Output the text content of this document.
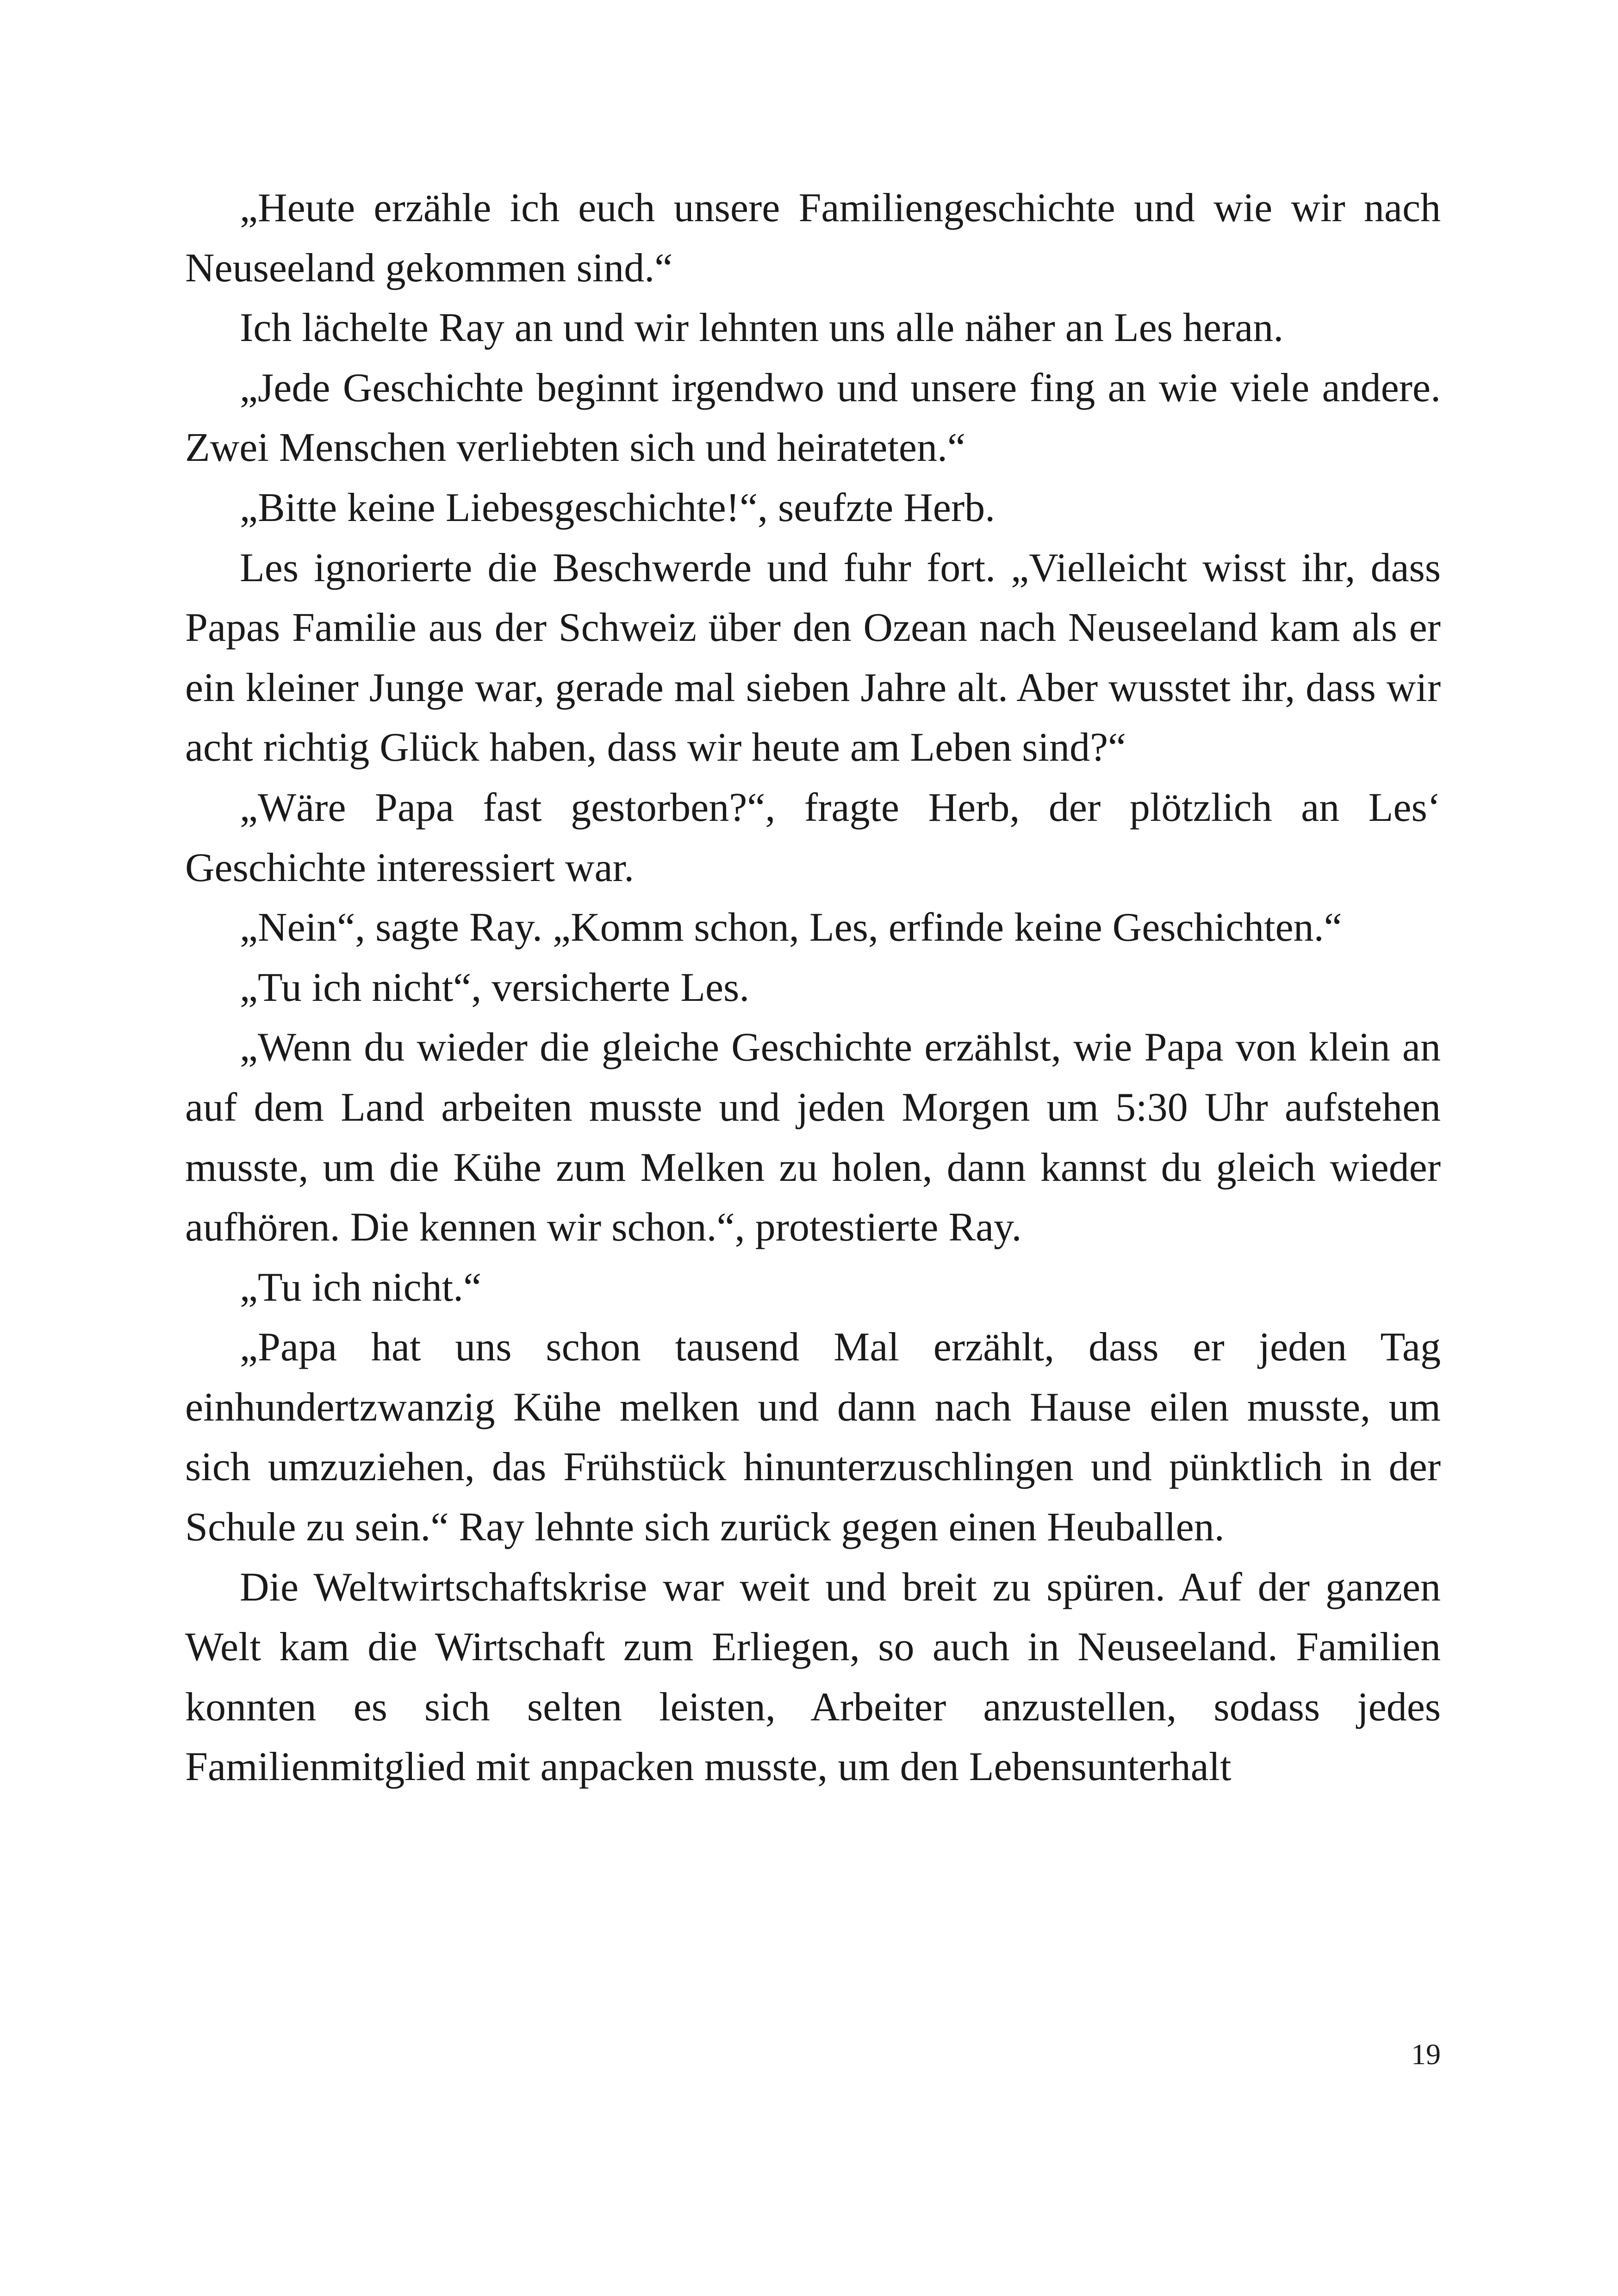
„Heute erzähle ich euch unsere Familiengeschichte und wie wir nach Neuseeland gekommen sind.“

Ich lächelte Ray an und wir lehnten uns alle näher an Les heran.

„Jede Geschichte beginnt irgendwo und unsere fing an wie viele andere. Zwei Menschen verliebten sich und heirateten.“

„Bitte keine Liebesgeschichte!“, seufzte Herb.

Les ignorierte die Beschwerde und fuhr fort. „Vielleicht wisst ihr, dass Papas Familie aus der Schweiz über den Ozean nach Neuseeland kam als er ein kleiner Junge war, gerade mal sieben Jahre alt. Aber wusstet ihr, dass wir acht richtig Glück haben, dass wir heute am Leben sind?“

„Wäre Papa fast gestorben?“, fragte Herb, der plötzlich an Les‘ Geschichte interessiert war.

„Nein“, sagte Ray. „Komm schon, Les, erfinde keine Geschichten.“

„Tu ich nicht“, versicherte Les.

„Wenn du wieder die gleiche Geschichte erzählst, wie Papa von klein an auf dem Land arbeiten musste und jeden Morgen um 5:30 Uhr aufstehen musste, um die Kühe zum Melken zu holen, dann kannst du gleich wieder aufhören. Die kennen wir schon.“, protestierte Ray.

„Tu ich nicht.“

„Papa hat uns schon tausend Mal erzählt, dass er jeden Tag einhundertzwanzig Kühe melken und dann nach Hause eilen musste, um sich umzuziehen, das Frühstück hinunterzuschlingen und pünktlich in der Schule zu sein.“ Ray lehnte sich zurück gegen einen Heuballen.

Die Weltwirtschaftskrise war weit und breit zu spüren. Auf der ganzen Welt kam die Wirtschaft zum Erliegen, so auch in Neuseeland. Familien konnten es sich selten leisten, Arbeiter anzustellen, sodass jedes Familienmitglied mit anpacken musste, um den Lebensunterhalt

19
